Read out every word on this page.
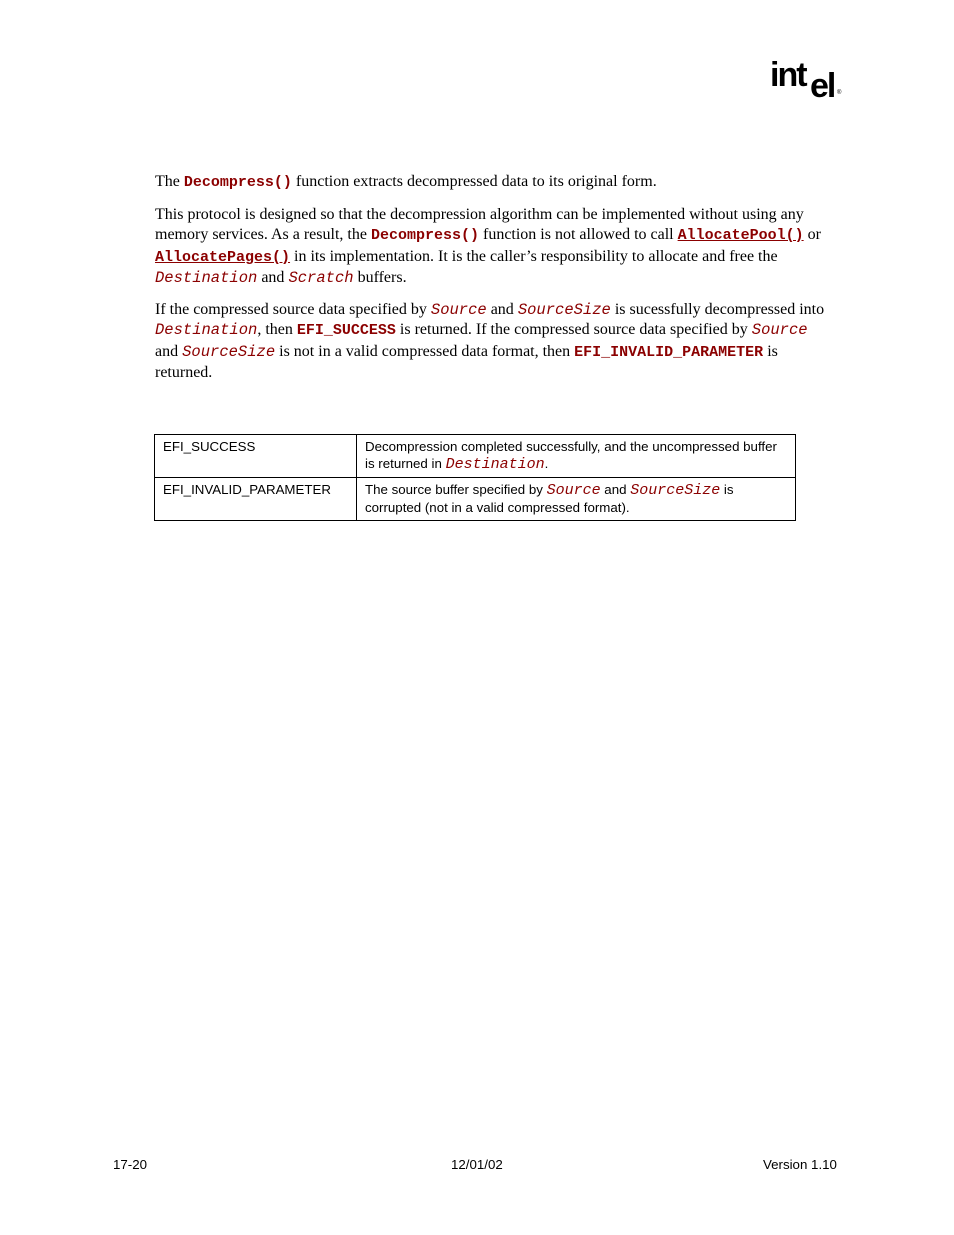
int el ®

The Decompress() function extracts decompressed data to its original form.

This protocol is designed so that the decompression algorithm can be implemented without using any memory services. As a result, the Decompress() function is not allowed to call AllocatePool() or AllocatePages() in its implementation. It is the caller’s responsibility to allocate and free the Destination and Scratch buffers.

If the compressed source data specified by Source and SourceSize is sucessfully decompressed into Destination, then EFI_SUCCESS is returned. If the compressed source data specified by Source and SourceSize is not in a valid compressed data format, then EFI_INVALID_PARAMETER is returned.

EFI_SUCCESS	Decompression completed successfully, and the uncompressed buffer is returned in Destination.
EFI_INVALID_PARAMETER	The source buffer specified by Source and SourceSize is corrupted (not in a valid compressed format).
17-20	12/01/02	Version 1.10
